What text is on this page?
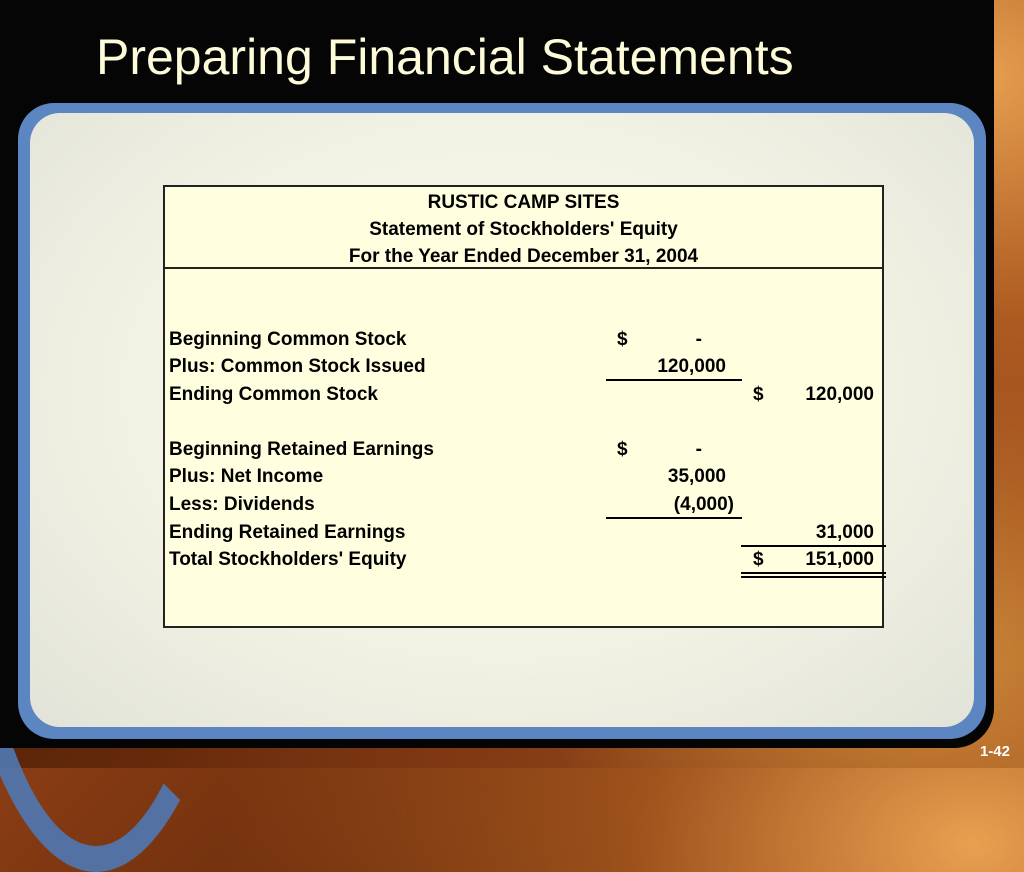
Preparing Financial Statements
RUSTIC CAMP SITES
Statement of Stockholders' Equity
For the Year Ended December 31, 2004
Beginning Common Stock	$	-
Plus: Common Stock Issued	120,000
Ending Common Stock	$ 120,000
Beginning Retained Earnings	$	-
Plus: Net Income	35,000
Less: Dividends	(4,000)
Ending Retained Earnings	31,000
Total Stockholders' Equity	$ 151,000
1-42
